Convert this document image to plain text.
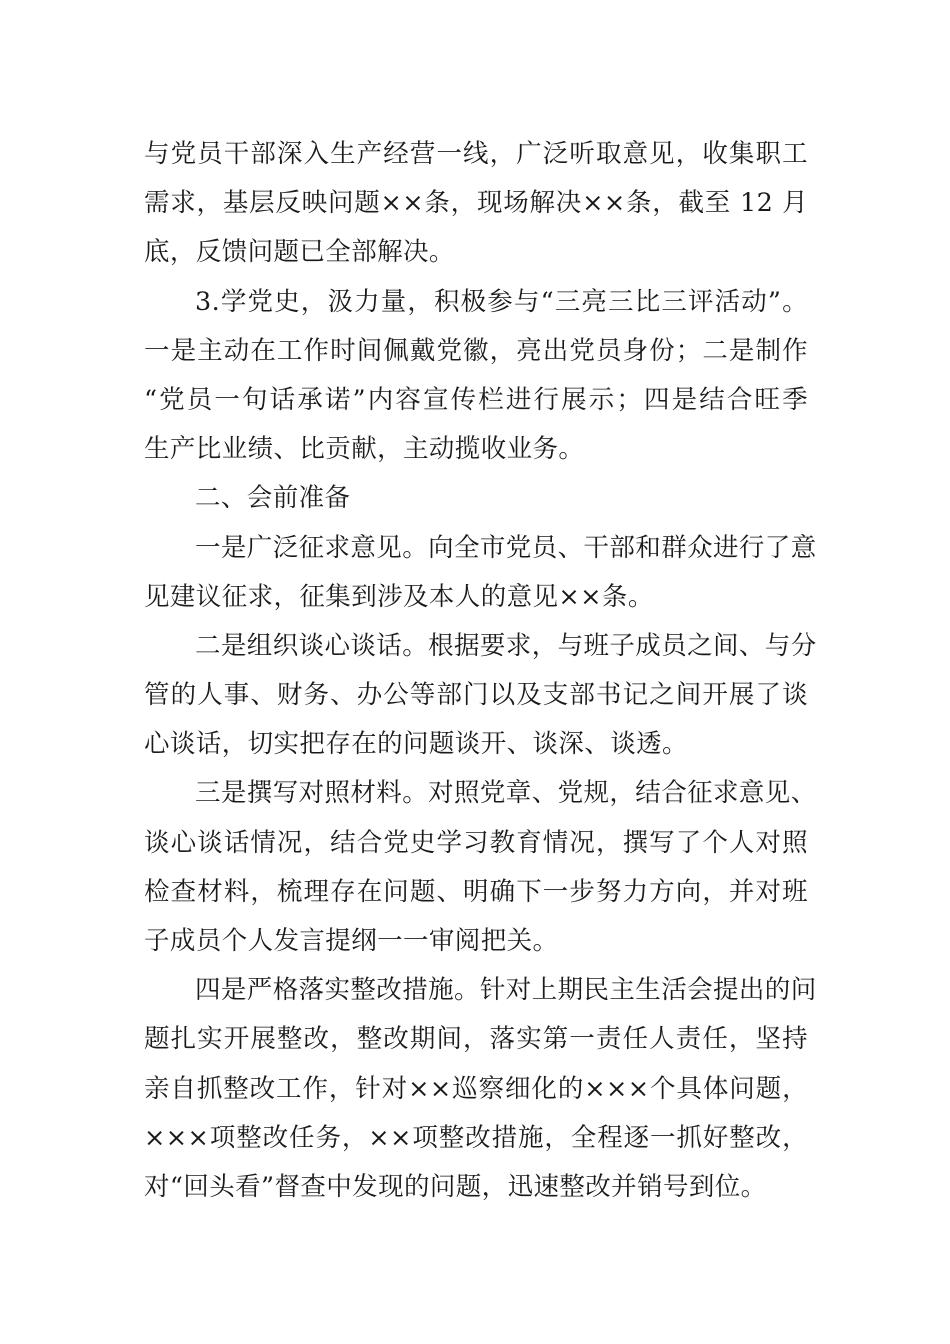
与党员干部深入生产经营一线，广泛听取意见，收集职工
需求，基层反映问题××条，现场解决××条，截至 12 月
底，反馈问题已全部解决。
3.学党史，汲力量，积极参与“三亮三比三评活动”。
一是主动在工作时间佩戴党徽，亮出党员身份；二是制作
“党员一句话承诺”内容宣传栏进行展示；四是结合旺季
生产比业绩、比贡献，主动揽收业务。
二、会前准备
一是广泛征求意见。向全市党员、干部和群众进行了意
见建议征求，征集到涉及本人的意见××条。
二是组织谈心谈话。根据要求，与班子成员之间、与分
管的人事、财务、办公等部门以及支部书记之间开展了谈
心谈话，切实把存在的问题谈开、谈深、谈透。
三是撰写对照材料。对照党章、党规，结合征求意见、
谈心谈话情况，结合党史学习教育情况，撰写了个人对照
检查材料，梳理存在问题、明确下一步努力方向，并对班
子成员个人发言提纲一一审阅把关。
四是严格落实整改措施。针对上期民主生活会提出的问
题扎实开展整改，整改期间，落实第一责任人责任，坚持
亲自抓整改工作，针对××巡察细化的×××个具体问题，
×××项整改任务，××项整改措施，全程逐一抓好整改，
对“回头看”督查中发现的问题，迅速整改并销号到位。
